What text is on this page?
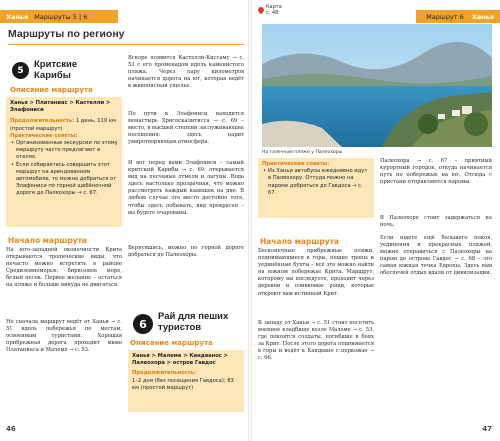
Ханья Маршруты 5 | 6
Маршруты по региону
5
Критские
Карибы
Описание маршрута
Ханья > Платаниас > Кастелли > Элафониси
Продолжительность: 1 день, 110 км (простой маршрут)
Практические советы:
• Организованные экскурсии по этому маршруту часто предлагают в отелях.
• Если собираетесь совершить этот маршрут на арендованном автомобиле, то можно добраться от Элафониси по горной щебёночной дороге до Палеохоры → с. 67.
Начало маршрута
На юго-западной оконечности Крита открываются тропические виды, что нечасто можно встретить в районе Средиземноморья: бирюзовое море, белый песок. Первое желание – остаться на пляже и больше никуда не двигаться.
Но сначала маршрут ведёт от Ханьи → с. 51 вдоль побережья по местам, освоенным туристами. Хорошая прибрежная дорога проходит мимо Платаниаса и Малеме → с. 53.
Вскоре появится Кастелли-Киссаму → с. 53 с его променадом вдоль каменистого пляжа. Через пару километров начинается дорога на юг, которая ведёт в живописный ущелье.
По пути к Элафониси находится монастырь Хрисоскалитисса → с. 69 – место, в высшей степени заслуживающее посещения: здесь царит умиротворяющая атмосфера.
И вот перед вами Элафониси – самый критский Карибы → с. 69: открывается вид на песчаные отмели и лагуны. Вода здесь настолько прозрачная, что можно рассмотреть каждый камешек на дне. В любом случае это место достойно того, чтобы здесь побывать, вид прекрасен – вы будете очарованы.
Вернувшись, можно по горной дороге добраться до Палеохоры.
6
Рай для пеших
туристов
Описание маршрута
Ханья > Малеме > Кандванос > Палеохора > остров Гавдос
Продолжительность:
1–2 дня (без посещения Гавдоса); 83 км (простой маршрут)
46
Карта
с. 48	Маршрут 6 Ханья
На галечном пляже у Палеохоры
Практические советы:
• Из Ханьи автобусы ежедневно идут в Палеохору. Оттуда можно на пароме добраться до Гавдоса → с. 67.
Начало маршрута
Бесконечные прибрежные пляжи, поднимающиеся в горы, пешие тропы и уединённые бухты – всё это можно найти на южном побережье Крита. Маршрут, которому вы последуете, проходит через деревни и оливковые рощи, которые откроют вам истинный Крит.
К западу от Ханьи → с. 51 стоит посетить военное кладбище возле Малеме → с. 53, где покоятся солдаты, погибшие в боях за Крит. После этого дорога поднимается в горы и ведёт к Кандвано с церковью → с. 66.
Палеохора → с. 67 – приятный курортный городок, откуда начинается путь по побережью на юг. Отсюда с пристани отправляются паромы.
В Палеохоре стоит задержаться на ночь.
Если ищете ещё большего покоя, уединения и прекрасных пляжей, можно отправиться с Палеохоры на паром до острова Гавдос → с. 68 – это самая южная точка Европы. Здесь вам обеспечен отдых вдали от цивилизации.
47
